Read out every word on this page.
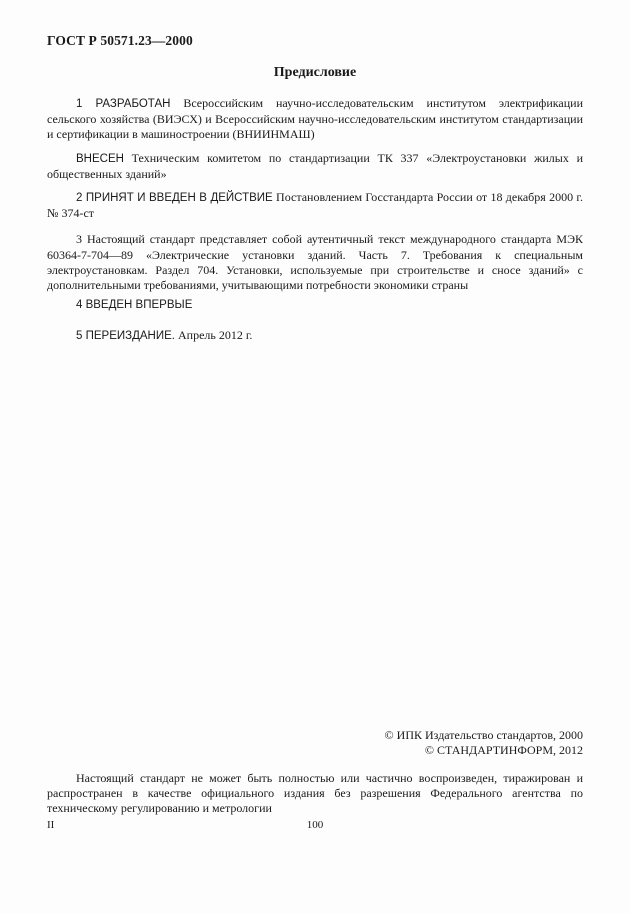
ГОСТ Р 50571.23—2000
Предисловие

1 РАЗРАБОТАН Всероссийским научно-исследовательским институтом электрификации сельского хозяйства (ВИЭСХ) и Всероссийским научно-исследовательским институтом стандартизации и сертификации в машиностроении (ВНИИНМАШ)

ВНЕСЕН Техническим комитетом по стандартизации ТК 337 «Электроустановки жилых и общественных зданий»

2 ПРИНЯТ И ВВЕДЕН В ДЕЙСТВИЕ Постановлением Госстандарта России от 18 декабря 2000 г. № 374-ст

3 Настоящий стандарт представляет собой аутентичный текст международного стандарта МЭК 60364-7-704—89 «Электрические установки зданий. Часть 7. Требования к специальным электроустановкам. Раздел 704. Установки, используемые при строительстве и сносе зданий» с дополнительными требованиями, учитывающими потребности экономики страны

4 ВВЕДЕН ВПЕРВЫЕ

5 ПЕРЕИЗДАНИЕ. Апрель 2012 г.

© ИПК Издательство стандартов, 2000
© СТАНДАРТИНФОРМ, 2012

Настоящий стандарт не может быть полностью или частично воспроизведен, тиражирован и распространен в качестве официального издания без разрешения Федерального агентства по техническому регулированию и метрологии

II	100
